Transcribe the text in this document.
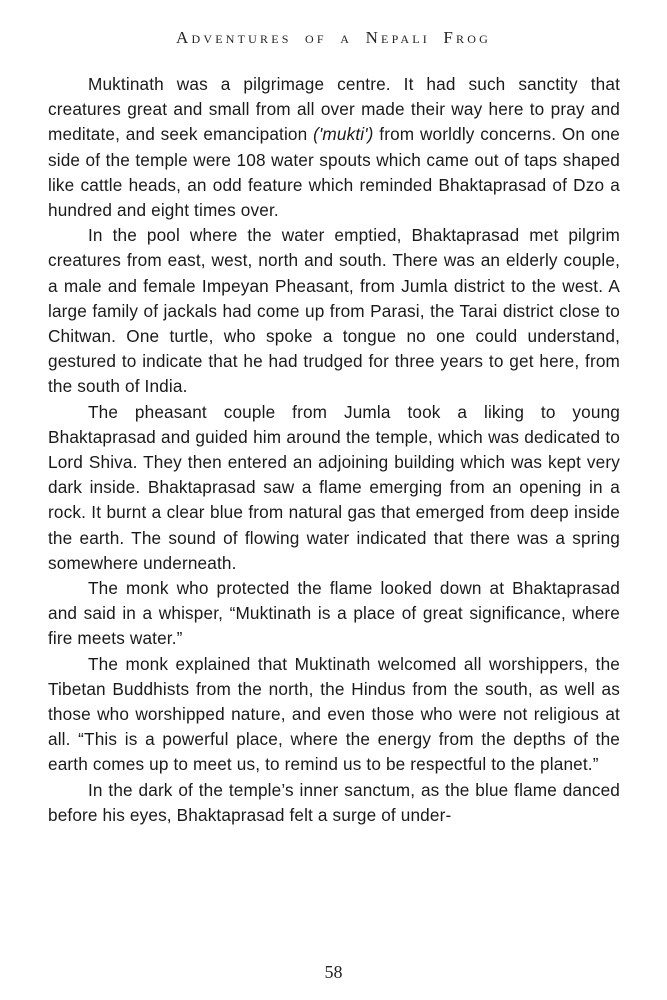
Adventures of a Nepali Frog

Muktinath was a pilgrimage centre. It had such sanctity that creatures great and small from all over made their way here to pray and meditate, and seek emancipation ('mukti') from worldly concerns. On one side of the temple were 108 water spouts which came out of taps shaped like cattle heads, an odd feature which reminded Bhaktaprasad of Dzo a hundred and eight times over.

In the pool where the water emptied, Bhaktaprasad met pilgrim creatures from east, west, north and south. There was an elderly couple, a male and female Impeyan Pheasant, from Jumla district to the west. A large family of jackals had come up from Parasi, the Tarai district close to Chitwan. One turtle, who spoke a tongue no one could understand, gestured to indicate that he had trudged for three years to get here, from the south of India.

The pheasant couple from Jumla took a liking to young Bhaktaprasad and guided him around the temple, which was dedicated to Lord Shiva. They then entered an adjoining building which was kept very dark inside. Bhaktaprasad saw a flame emerging from an opening in a rock. It burnt a clear blue from natural gas that emerged from deep inside the earth. The sound of flowing water indicated that there was a spring somewhere underneath.

The monk who protected the flame looked down at Bhaktaprasad and said in a whisper, “Muktinath is a place of great significance, where fire meets water.”

The monk explained that Muktinath welcomed all worshippers, the Tibetan Buddhists from the north, the Hindus from the south, as well as those who worshipped nature, and even those who were not religious at all. “This is a powerful place, where the energy from the depths of the earth comes up to meet us, to remind us to be respectful to the planet.”

In the dark of the temple’s inner sanctum, as the blue flame danced before his eyes, Bhaktaprasad felt a surge of under-

58
